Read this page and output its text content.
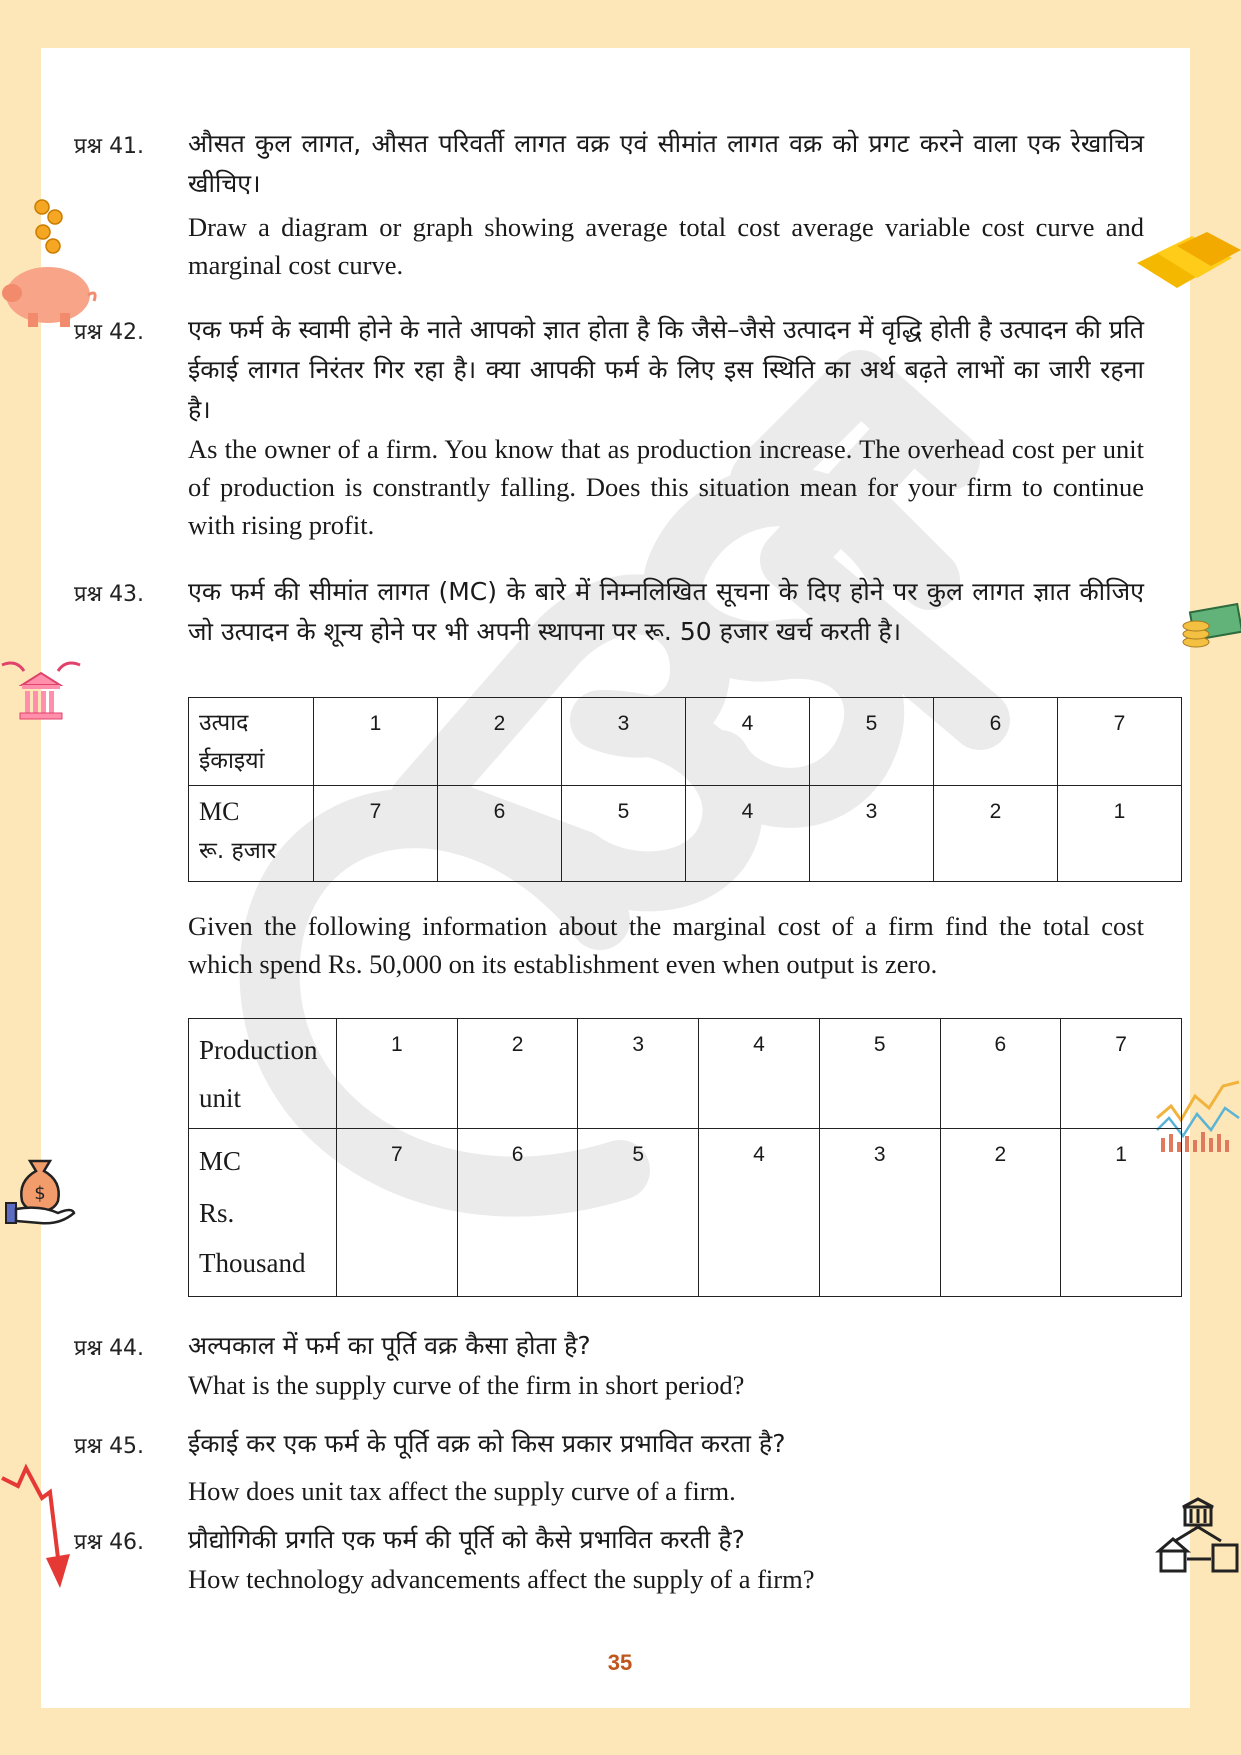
$
प्रश्न 41. औसत कुल लागत, औसत परिवर्ती लागत वक्र एवं सीमांत लागत वक्र को प्रगट करने वाला एक रेखाचित्र खीचिए।

Draw a diagram or graph showing average total cost average variable cost curve and marginal cost curve.

प्रश्न 42. एक फर्म के स्वामी होने के नाते आपको ज्ञात होता है कि जैसे–जैसे उत्पादन में वृद्धि होती है उत्पादन की प्रति ईकाई लागत निरंतर गिर रहा है। क्या आपकी फर्म के लिए इस स्थिति का अर्थ बढ़ते लाभों का जारी रहना है।

As the owner of a firm. You know that as production increase. The overhead cost per unit of production is constrantly falling. Does this situation mean for your firm to continue with rising profit.

प्रश्न 43. एक फर्म की सीमांत लागत (MC) के बारे में निम्नलिखित सूचना के दिए होने पर कुल लागत ज्ञात कीजिए जो उत्पादन के शून्य होने पर भी अपनी स्थापना पर रू. 50 हजार खर्च करती है।

उत्पाद
ईकाइयां	1	2	3	4	5	6	7

MC
रू. हजार	7	6	5	4	3	2	1

Given the following information about the marginal cost of a firm find the total cost which spend Rs. 50,000 on its establishment even when output is zero.

Production
unit	1	2	3	4	5	6	7

MC
Rs.
Thousand	7	6	5	4	3	2	1
प्रश्न 44. अल्पकाल में फर्म का पूर्ति वक्र कैसा होता है?

What is the supply curve of the firm in short period?

प्रश्न 45. ईकाई कर एक फर्म के पूर्ति वक्र को किस प्रकार प्रभावित करता है?

How does unit tax affect the supply curve of a firm.

प्रश्न 46. प्रौद्योगिकी प्रगति एक फर्म की पूर्ति को कैसे प्रभावित करती है?

How technology advancements affect the supply of a firm?

35
